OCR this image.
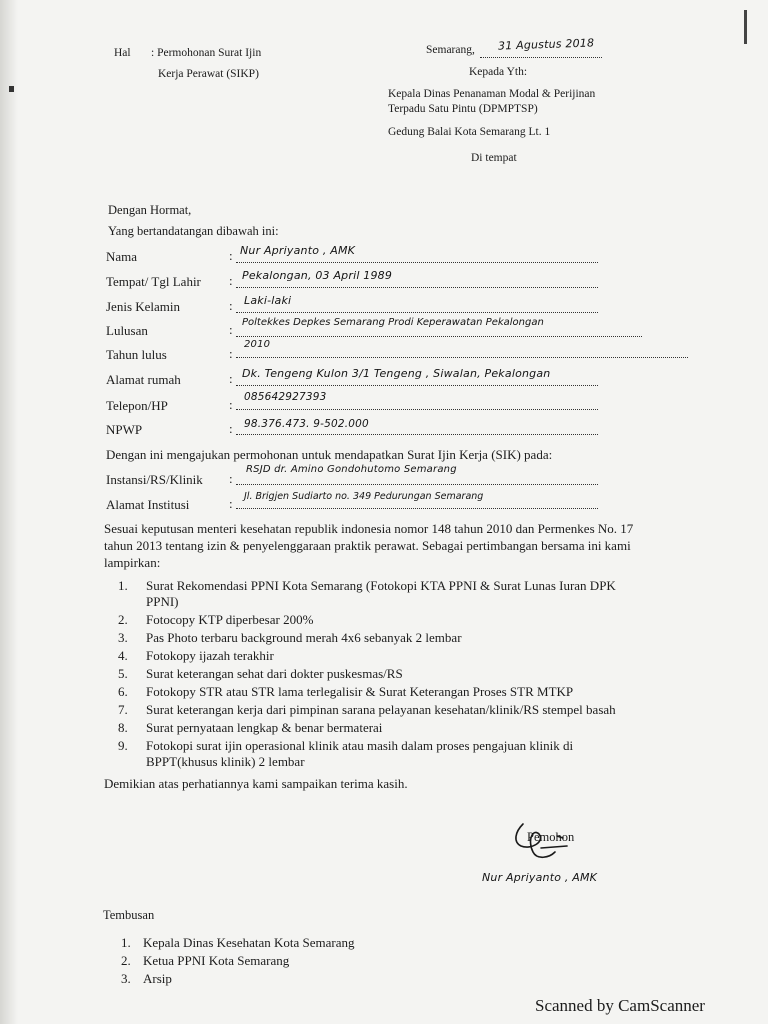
Hal : Permohonan Surat Ijin
Kerja Perawat (SIKP)
Semarang, 31 Agustus 2018
Kepada Yth:
Kepala Dinas Penanaman Modal & Perijinan
Terpadu Satu Pintu (DPMPTSP)
Gedung Balai Kota Semarang Lt. 1
Di tempat
Dengan Hormat,
Yang bertandatangan dibawah ini:
Nama	: Nur Apriyanto , AMK
Tempat/ Tgl Lahir : Pekalongan, 03 April 1989
Jenis Kelamin	: Laki-laki
Lulusan	: Poltekkes Depkes Semarang Prodi Keperawatan Pekalongan
Tahun lulus	:
2010
Alamat rumah	: Dk. Tengeng Kulon 3/1 Tengeng , Siwalan, Pekalongan
Telepon/HP	: 085642927393
NPWP	: 98.376.473. 9-502.000
Dengan ini mengajukan permohonan untuk mendapatkan Surat Ijin Kerja (SIK) pada:
Instansi/RS/Klinik :
RSJD dr. Amino Gondohutomo Semarang
Alamat Institusi	: Jl. Brigjen Sudiarto no. 349 Pedurungan Semarang
Sesuai keputusan menteri kesehatan republik indonesia nomor 148 tahun 2010 dan Permenkes No. 17
tahun 2013 tentang izin & penyelenggaraan praktik perawat. Sebagai pertimbangan bersama ini kami
lampirkan:
1. Surat Rekomendasi PPNI Kota Semarang (Fotokopi KTA PPNI & Surat Lunas Iuran DPK
PPNI)
2. Fotocopy KTP diperbesar 200%
3. Pas Photo terbaru background merah 4x6 sebanyak 2 lembar
4. Fotokopy ijazah terakhir
5. Surat keterangan sehat dari dokter puskesmas/RS
6. Fotokopy STR atau STR lama terlegalisir & Surat Keterangan Proses STR MTKP
7. Surat keterangan kerja dari pimpinan sarana pelayanan kesehatan/klinik/RS stempel basah
8. Surat pernyataan lengkap & benar bermaterai
9. Fotokopi surat ijin operasional klinik atau masih dalam proses pengajuan klinik di
BPPT(khusus klinik) 2 lembar
Demikian atas perhatiannya kami sampaikan terima kasih.
Pemohon
Nur Apriyanto , AMK
Tembusan
1. Kepala Dinas Kesehatan Kota Semarang
2. Ketua PPNI Kota Semarang
3. Arsip
Scanned by CamScanner
